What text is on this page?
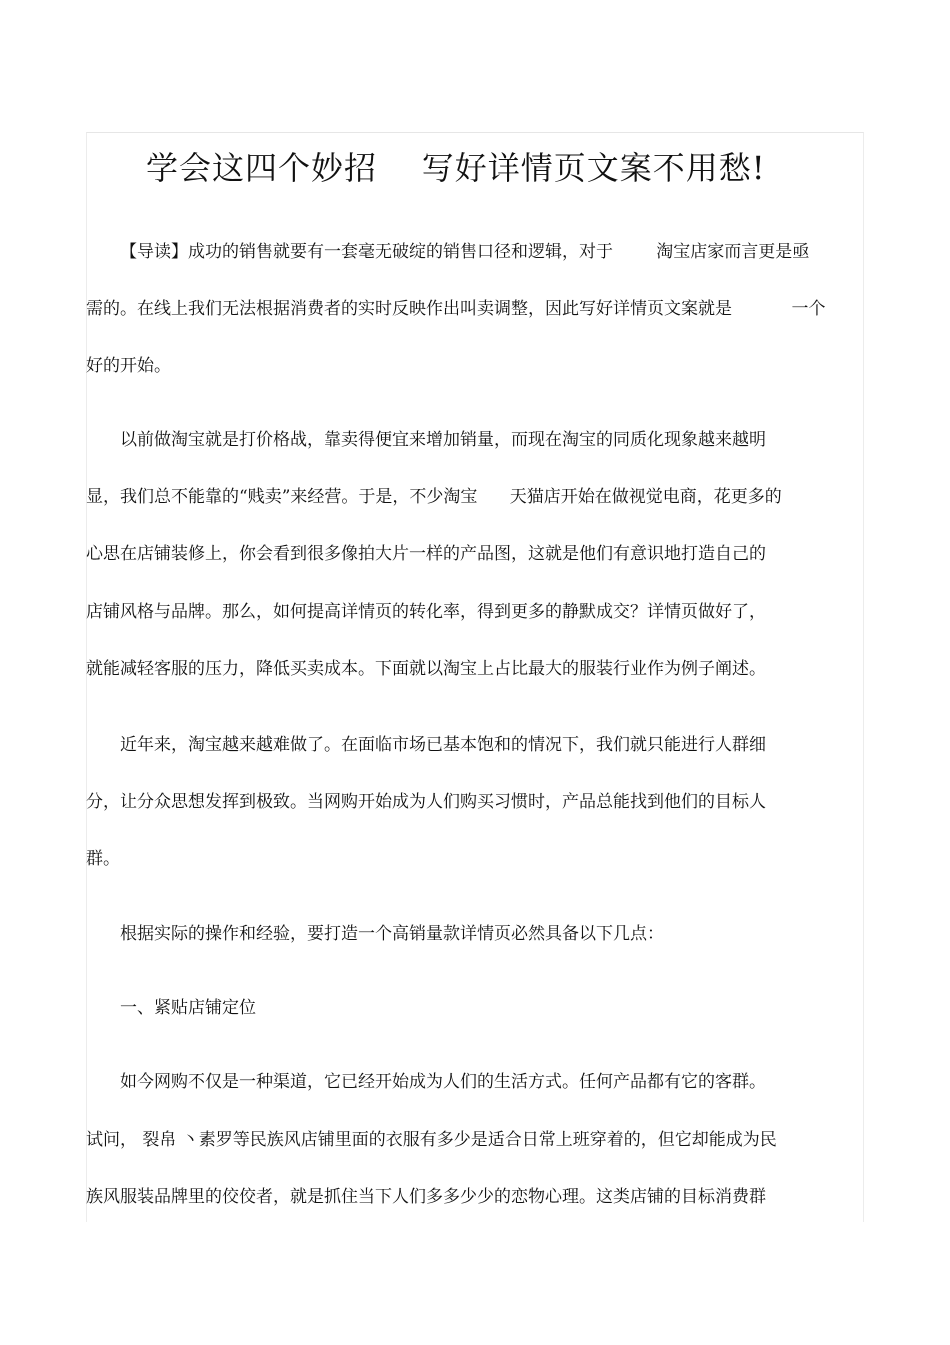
学会这四个妙招    写好详情页文案不用愁!

【导读】成功的销售就要有一套毫无破绽的销售口径和逻辑，对于        淘宝店家而言更是亟

需的。在线上我们无法根据消费者的实时反映作出叫卖调整，因此写好详情页文案就是           一个

好的开始。

以前做淘宝就是打价格战，靠卖得便宜来增加销量，而现在淘宝的同质化现象越来越明

显，我们总不能靠的“贱卖”来经营。于是，不少淘宝      天猫店开始在做视觉电商，花更多的

心思在店铺装修上，你会看到很多像拍大片一样的产品图，这就是他们有意识地打造自己的

店铺风格与品牌。那么，如何提高详情页的转化率，得到更多的静默成交？详情页做好了，

就能减轻客服的压力，降低买卖成本。下面就以淘宝上占比最大的服装行业作为例子阐述。

近年来，淘宝越来越难做了。在面临市场已基本饱和的情况下，我们就只能进行人群细

分，让分众思想发挥到极致。当网购开始成为人们购买习惯时，产品总能找到他们的目标人

群。

根据实际的操作和经验，要打造一个高销量款详情页必然具备以下几点：

一、紧贴店铺定位

如今网购不仅是一种渠道，它已经开始成为人们的生活方式。任何产品都有它的客群。

试问， 裂帛 丶素罗等民族风店铺里面的衣服有多少是适合日常上班穿着的，但它却能成为民

族风服装品牌里的佼佼者，就是抓住当下人们多多少少的恋物心理。这类店铺的目标消费群
